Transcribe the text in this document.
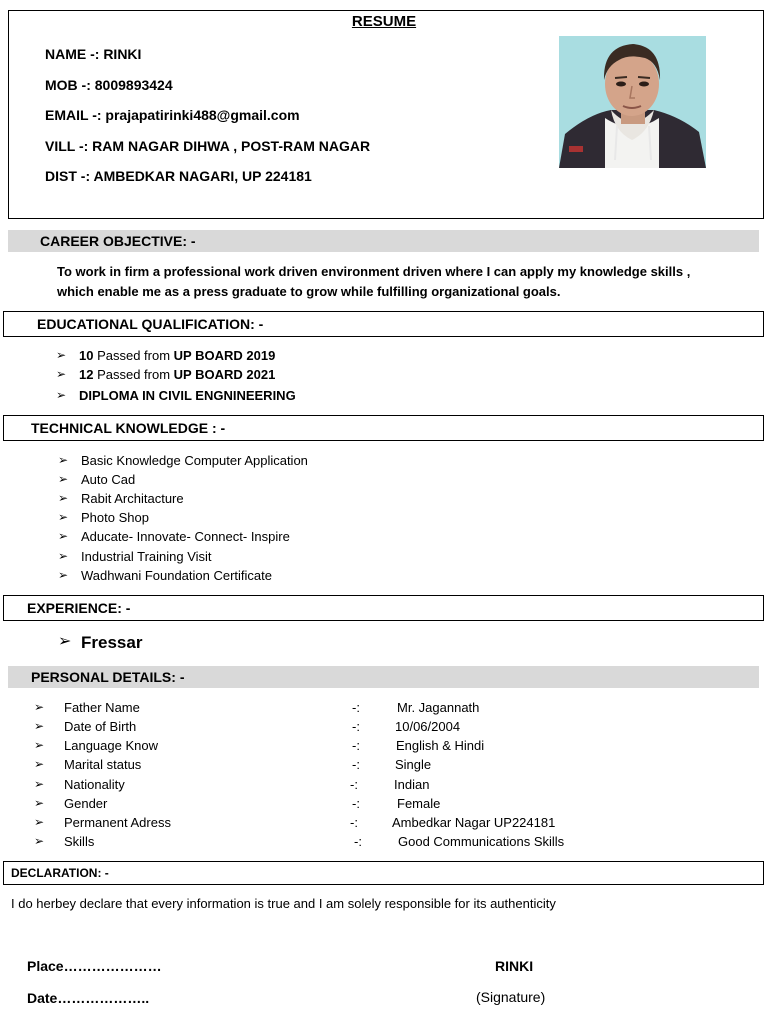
RESUME
NAME -: RINKI
MOB -: 8009893424
EMAIL -: prajapatirinki488@gmail.com
VILL -: RAM NAGAR DIHWA , POST-RAM NAGAR
DIST -: AMBEDKAR NAGARI, UP 224181
CAREER OBJECTIVE: -
To work in firm a professional work driven environment driven where I can apply my knowledge skills ,
which enable me as a press graduate to grow while fulfilling organizational goals.
EDUCATIONAL QUALIFICATION: -
➢ 10 Passed from UP BOARD 2019
➢ 12 Passed from UP BOARD 2021
➢ DIPLOMA IN CIVIL ENGNINEERING
TECHNICAL KNOWLEDGE : -
➢ Basic Knowledge Computer Application
➢ Auto Cad
➢ Rabit Architacture
➢ Photo Shop
➢ Aducate- Innovate- Connect- Inspire
➢ Industrial Training Visit
➢ Wadhwani Foundation Certificate
EXPERIENCE: -
➢ Fressar
PERSONAL DETAILS: -
➢ Father Name	-:	Mr. Jagannath
➢ Date of Birth	-:	10/06/2004
➢ Language Know	-:	English & Hindi
➢ Marital status	-:	Single
➢ Nationality	-:	Indian
➢ Gender	-:	Female
➢ Permanent Adress	-:	Ambedkar Nagar UP224181
➢ Skills	-:	Good Communications Skills
DECLARATION: -
I do herbey declare that every information is true and I am solely responsible for its authenticity
Place…………………
Date………………..
RINKI
(Signature)
